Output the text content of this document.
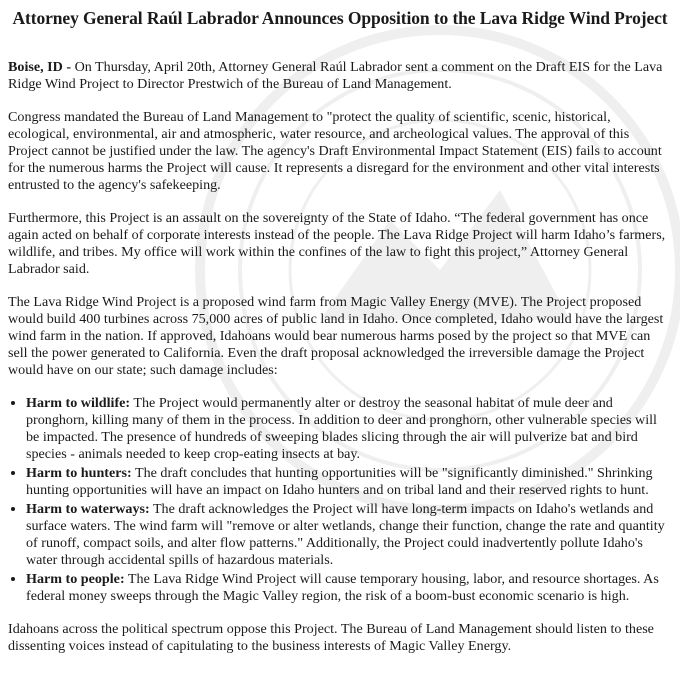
Attorney General Raúl Labrador Announces Opposition to the Lava Ridge Wind Project

Boise, ID - On Thursday, April 20th, Attorney General Raúl Labrador sent a comment on the Draft EIS for the Lava Ridge Wind Project to Director Prestwich of the Bureau of Land Management.

Congress mandated the Bureau of Land Management to "protect the quality of scientific, scenic, historical, ecological, environmental, air and atmospheric, water resource, and archeological values. The approval of this Project cannot be justified under the law. The agency's Draft Environmental Impact Statement (EIS) fails to account for the numerous harms the Project will cause. It represents a disregard for the environment and other vital interests entrusted to the agency's safekeeping.

Furthermore, this Project is an assault on the sovereignty of the State of Idaho. “The federal government has once again acted on behalf of corporate interests instead of the people. The Lava Ridge Project will harm Idaho’s farmers, wildlife, and tribes. My office will work within the confines of the law to fight this project,” Attorney General Labrador said.

The Lava Ridge Wind Project is a proposed wind farm from Magic Valley Energy (MVE). The Project proposed would build 400 turbines across 75,000 acres of public land in Idaho. Once completed, Idaho would have the largest wind farm in the nation. If approved, Idahoans would bear numerous harms posed by the project so that MVE can sell the power generated to California. Even the draft proposal acknowledged the irreversible damage the Project would have on our state; such damage includes:

• Harm to wildlife: The Project would permanently alter or destroy the seasonal habitat of mule deer and pronghorn, killing many of them in the process. In addition to deer and pronghorn, other vulnerable species will be impacted. The presence of hundreds of sweeping blades slicing through the air will pulverize bat and bird species - animals needed to keep crop-eating insects at bay.
• Harm to hunters: The draft concludes that hunting opportunities will be "significantly diminished." Shrinking hunting opportunities will have an impact on Idaho hunters and on tribal land and their reserved rights to hunt.
• Harm to waterways: The draft acknowledges the Project will have long-term impacts on Idaho's wetlands and surface waters. The wind farm will "remove or alter wetlands, change their function, change the rate and quantity of runoff, compact soils, and alter flow patterns." Additionally, the Project could inadvertently pollute Idaho's water through accidental spills of hazardous materials.
• Harm to people: The Lava Ridge Wind Project will cause temporary housing, labor, and resource shortages. As federal money sweeps through the Magic Valley region, the risk of a boom-bust economic scenario is high.

Idahoans across the political spectrum oppose this Project. The Bureau of Land Management should listen to these dissenting voices instead of capitulating to the business interests of Magic Valley Energy.
